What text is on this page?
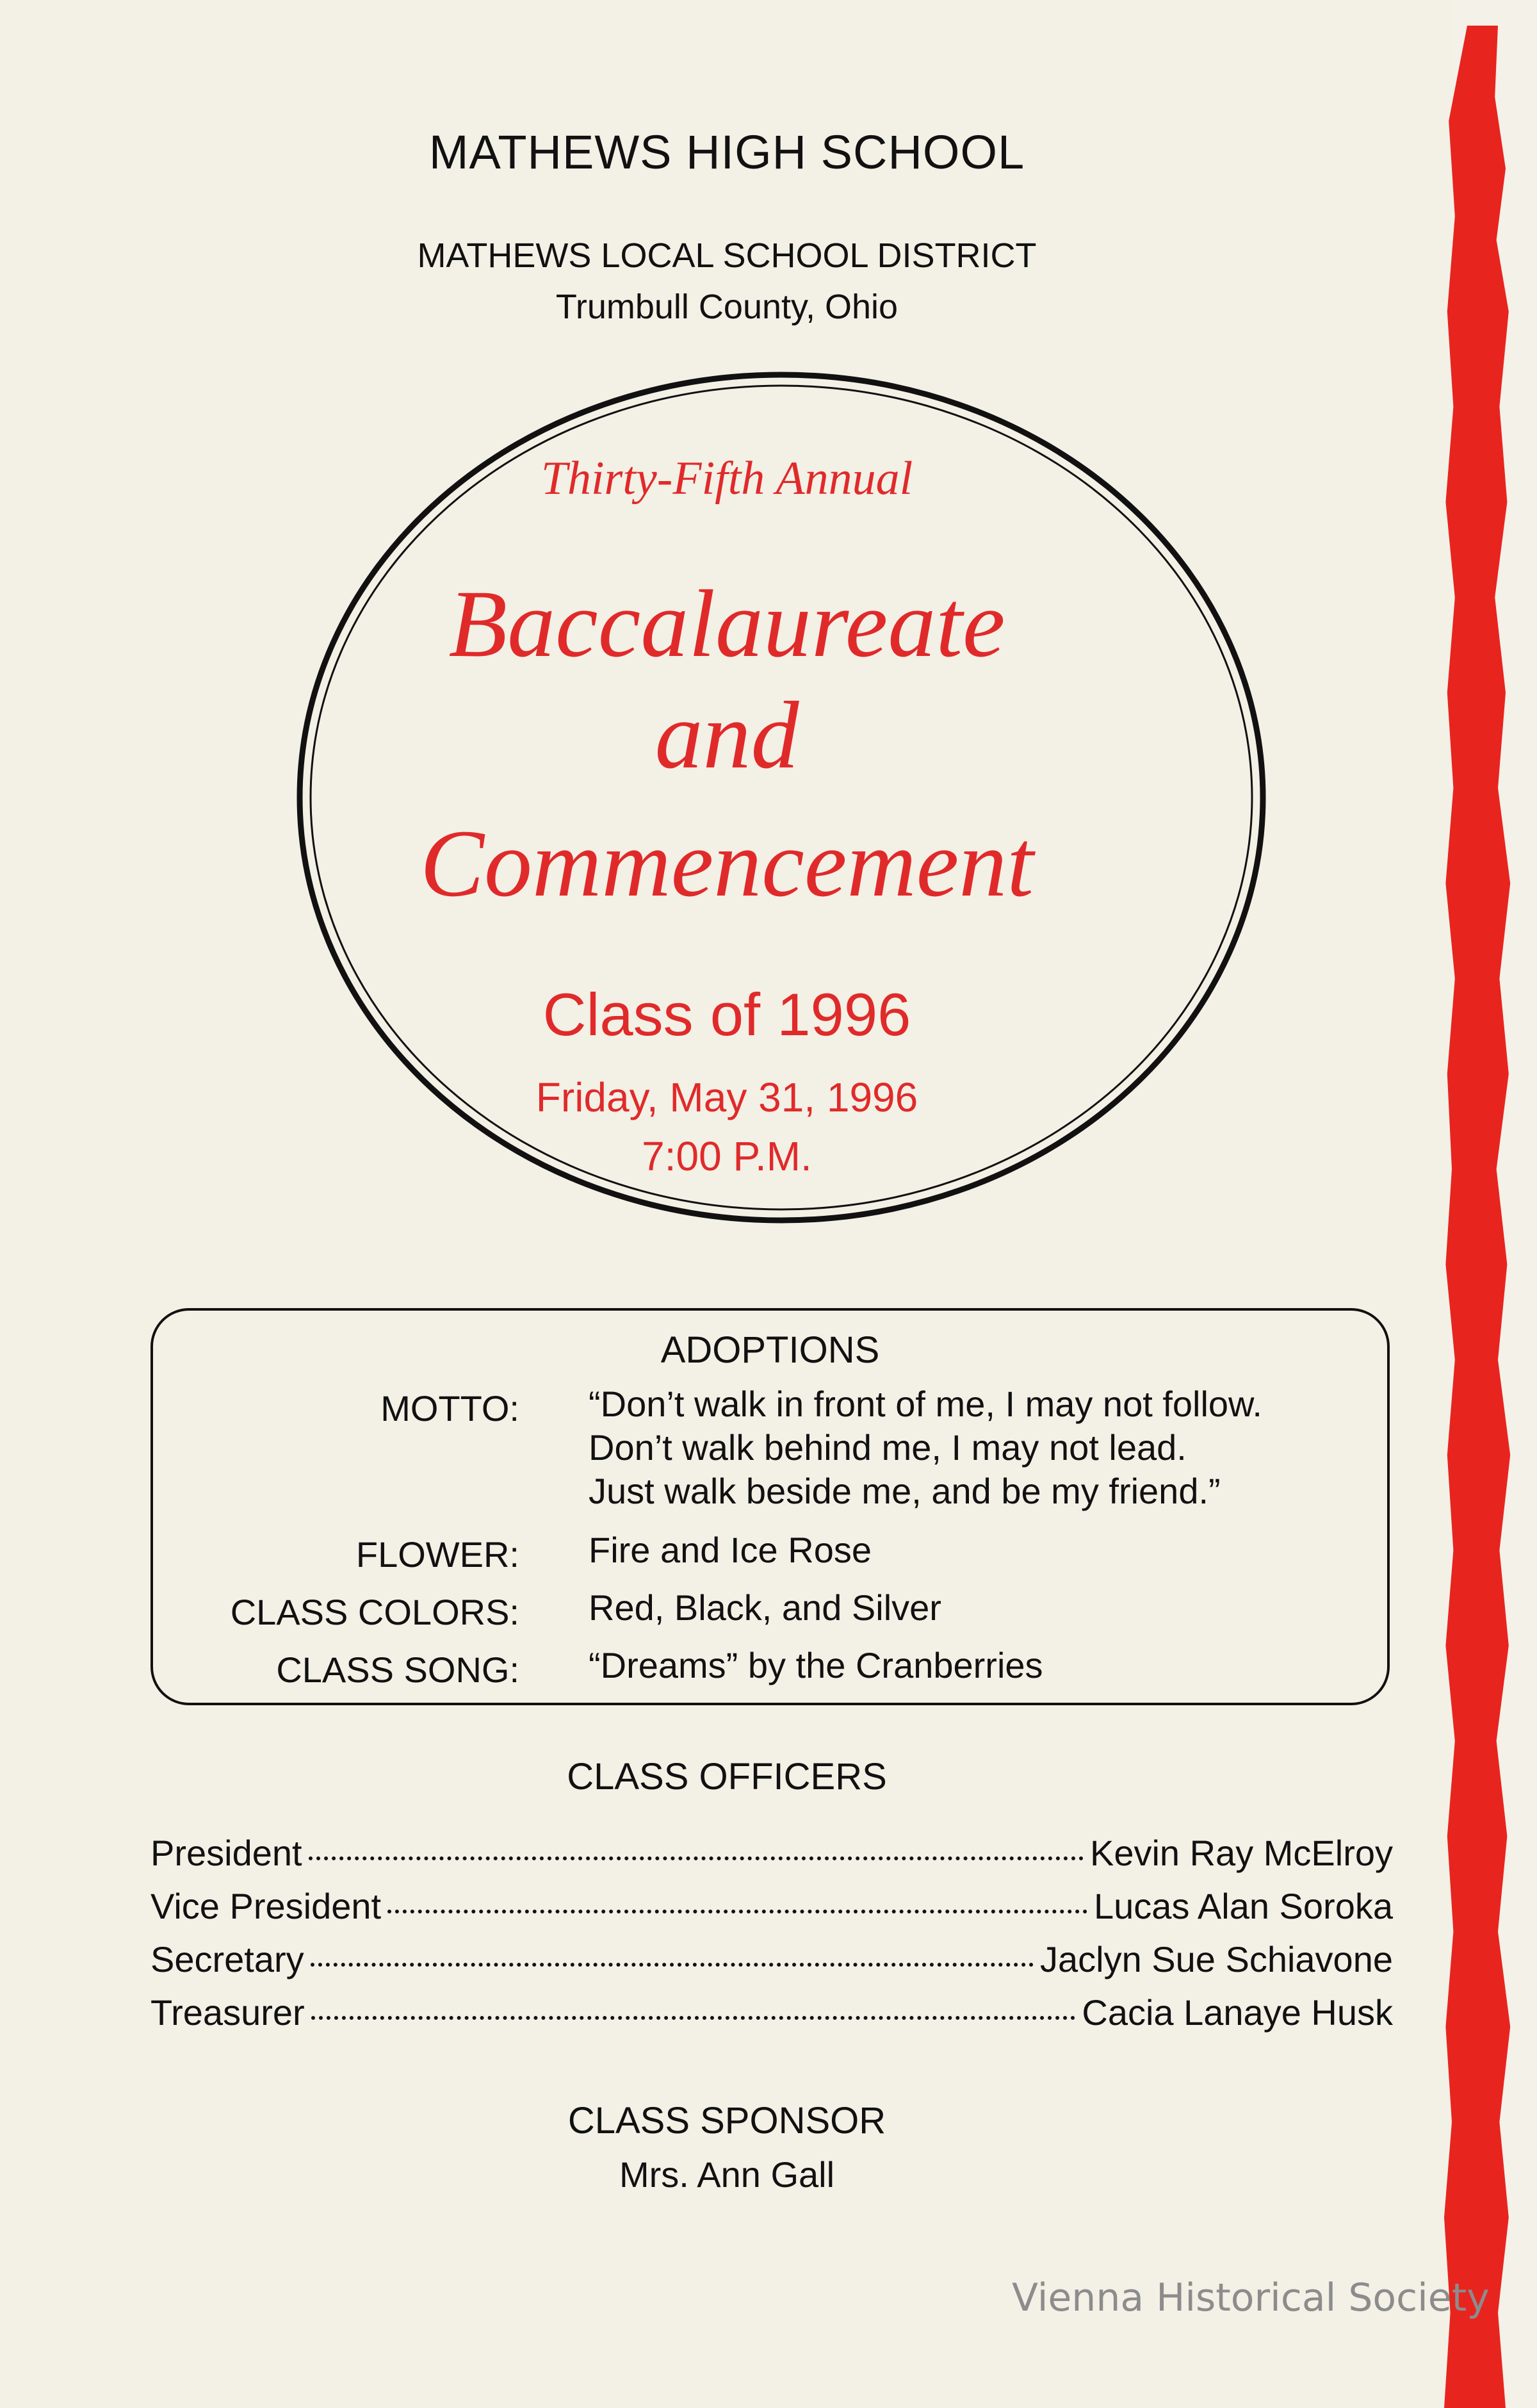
MATHEWS HIGH SCHOOL
MATHEWS LOCAL SCHOOL DISTRICT
Trumbull County, Ohio
Thirty-Fifth Annual
Baccalaureate
and
Commencement
Class of 1996
Friday, May 31, 1996
7:00 P.M.
ADOPTIONS
MOTTO: “Don’t walk in front of me, I may not follow.
Don’t walk behind me, I may not lead.
Just walk beside me, and be my friend.”
FLOWER: Fire and Ice Rose
CLASS COLORS: Red, Black, and Silver
CLASS SONG: “Dreams” by the Cranberries
CLASS OFFICERS
President	Kevin Ray McElroy
Vice President	Lucas Alan Soroka
Secretary	Jaclyn Sue Schiavone
Treasurer	Cacia Lanaye Husk
CLASS SPONSOR
Mrs. Ann Gall
Vienna Historical Society
